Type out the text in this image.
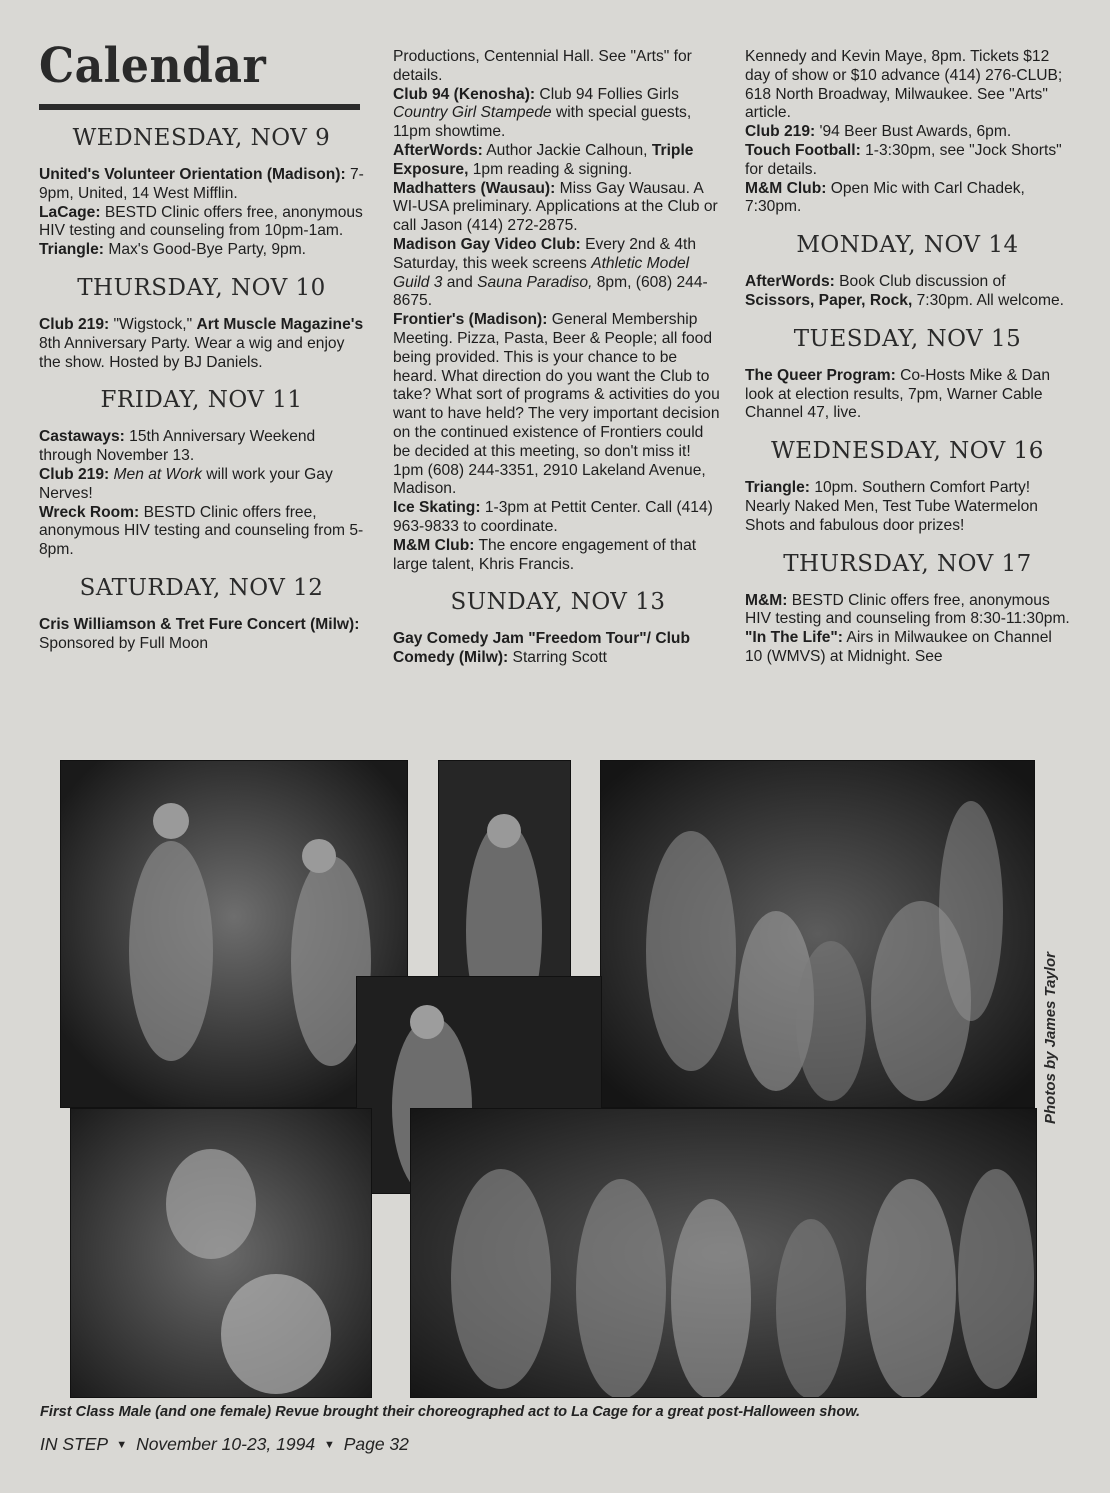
Calendar
WEDNESDAY, NOV 9

United's Volunteer Orientation (Madison): 7-9pm, United, 14 West Mifflin.

LaCage: BESTD Clinic offers free, anonymous HIV testing and counseling from 10pm-1am.

Triangle: Max's Good-Bye Party, 9pm.

THURSDAY, NOV 10

Club 219: "Wigstock," Art Muscle Magazine's 8th Anniversary Party. Wear a wig and enjoy the show. Hosted by BJ Daniels.

FRIDAY, NOV 11

Castaways: 15th Anniversary Weekend through November 13.

Club 219: Men at Work will work your Gay Nerves!

Wreck Room: BESTD Clinic offers free, anonymous HIV testing and counseling from 5-8pm.

SATURDAY, NOV 12

Cris Williamson & Tret Fure Concert (Milw): Sponsored by Full Moon

Productions, Centennial Hall. See "Arts" for details.

Club 94 (Kenosha): Club 94 Follies Girls Country Girl Stampede with special guests, 11pm showtime.

AfterWords: Author Jackie Calhoun, Triple Exposure, 1pm reading & signing.

Madhatters (Wausau): Miss Gay Wausau. A WI-USA preliminary. Applications at the Club or call Jason (414) 272-2875.

Madison Gay Video Club: Every 2nd & 4th Saturday, this week screens Athletic Model Guild 3 and Sauna Paradiso, 8pm, (608) 244-8675.

Frontier's (Madison): General Membership Meeting. Pizza, Pasta, Beer & People; all food being provided. This is your chance to be heard. What direction do you want the Club to take? What sort of programs & activities do you want to have held? The very important decision on the continued existence of Frontiers could be decided at this meeting, so don't miss it! 1pm (608) 244-3351, 2910 Lakeland Avenue, Madison.

Ice Skating: 1-3pm at Pettit Center. Call (414) 963-9833 to coordinate.

M&M Club: The encore engagement of that large talent, Khris Francis.

SUNDAY, NOV 13

Gay Comedy Jam "Freedom Tour"/ Club Comedy (Milw): Starring Scott

Kennedy and Kevin Maye, 8pm. Tickets $12 day of show or $10 advance (414) 276-CLUB; 618 North Broadway, Milwaukee. See "Arts" article.

Club 219: '94 Beer Bust Awards, 6pm.

Touch Football: 1-3:30pm, see "Jock Shorts" for details.

M&M Club: Open Mic with Carl Chadek, 7:30pm.

MONDAY, NOV 14

AfterWords: Book Club discussion of Scissors, Paper, Rock, 7:30pm. All welcome.

TUESDAY, NOV 15

The Queer Program: Co-Hosts Mike & Dan look at election results, 7pm, Warner Cable Channel 47, live.

WEDNESDAY, NOV 16

Triangle: 10pm. Southern Comfort Party! Nearly Naked Men, Test Tube Watermelon Shots and fabulous door prizes!

THURSDAY, NOV 17

M&M: BESTD Clinic offers free, anonymous HIV testing and counseling from 8:30-11:30pm.

"In The Life": Airs in Milwaukee on Channel 10 (WMVS) at Midnight. See

Photos by James Taylor
First Class Male (and one female) Revue brought their choreographed act to La Cage for a great post-Halloween show.
IN STEP ▼ November 10-23, 1994 ▼ Page 32
